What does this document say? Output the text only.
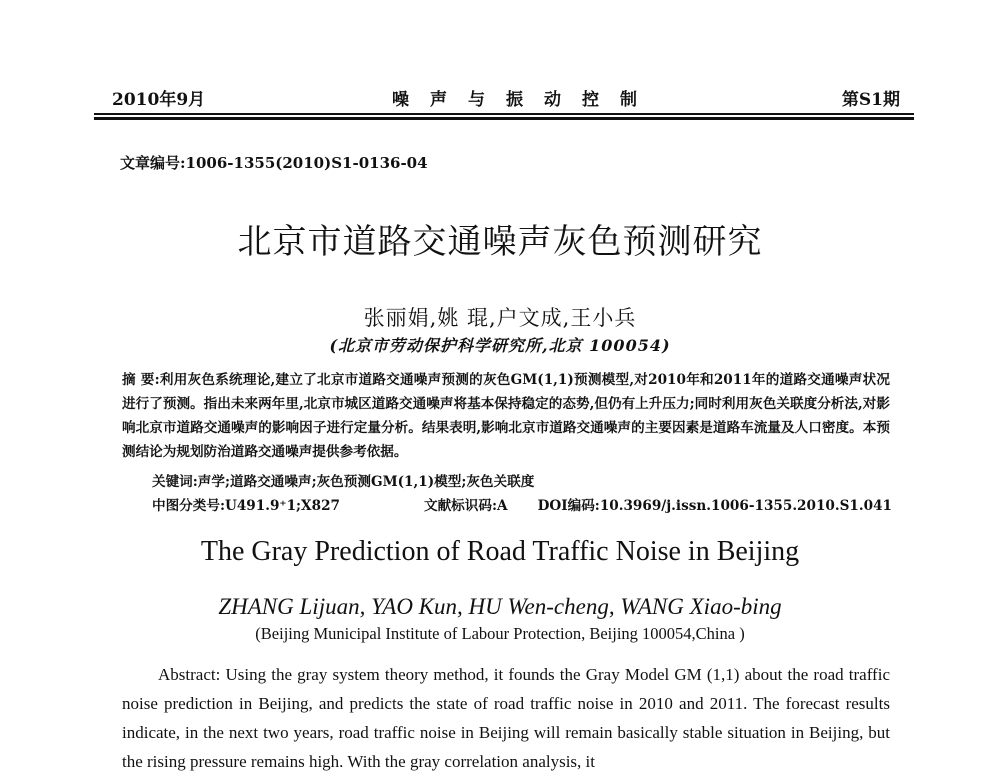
2010年9月	噪声与振动控制	第S1期
文章编号:1006-1355(2010)S1-0136-04
北京市道路交通噪声灰色预测研究
张丽娟,姚 琨,户文成,王小兵
(北京市劳动保护科学研究所,北京 100054)
摘 要:利用灰色系统理论,建立了北京市道路交通噪声预测的灰色GM(1,1)预测模型,对2010年和2011年的道路交通噪声状况进行了预测。指出未来两年里,北京市城区道路交通噪声将基本保持稳定的态势,但仍有上升压力;同时利用灰色关联度分析法,对影响北京市道路交通噪声的影响因子进行定量分析。结果表明,影响北京市道路交通噪声的主要因素是道路车流量及人口密度。本预测结论为规划防治道路交通噪声提供参考依据。
关键词:声学;道路交通噪声;灰色预测GM(1,1)模型;灰色关联度
中图分类号:U491.9⁺1;X827	文献标识码:A DOI编码:10.3969/j.issn.1006-1355.2010.S1.041
The Gray Prediction of Road Traffic Noise in Beijing
ZHANG Lijuan, YAO Kun, HU Wen-cheng, WANG Xiao-bing
(Beijing Municipal Institute of Labour Protection, Beijing 100054,China )
Abstract: Using the gray system theory method, it founds the Gray Model GM (1,1) about the road traffic noise prediction in Beijing, and predicts the state of road traffic noise in 2010 and 2011. The forecast results indicate, in the next two years, road traffic noise in Beijing will remain basically stable situation in Beijing, but the rising pressure remains high. With the gray correlation analysis, it
